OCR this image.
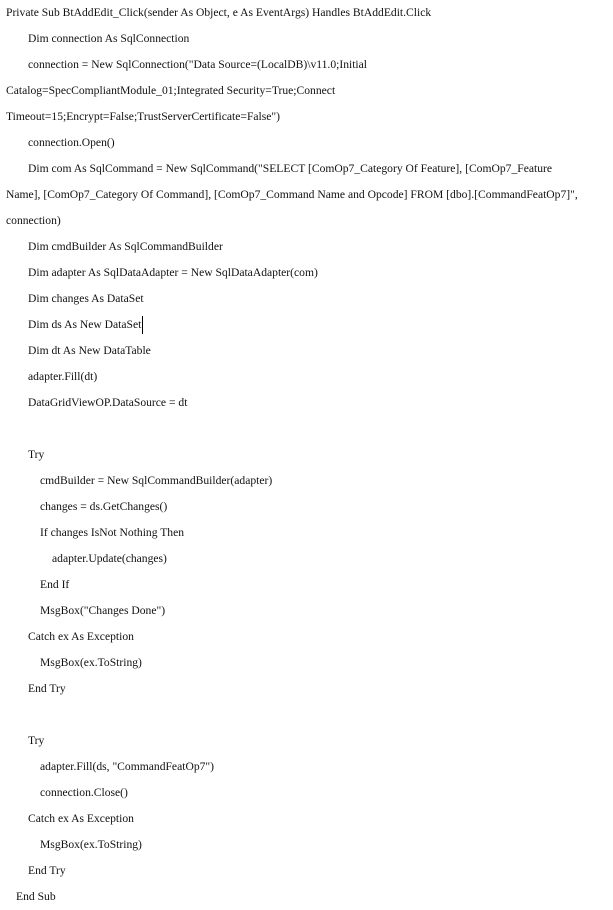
Private Sub BtAddEdit_Click(sender As Object, e As EventArgs) Handles BtAddEdit.Click
Dim connection As SqlConnection
connection = New SqlConnection("Data Source=(LocalDB)\v11.0;Initial
Catalog=SpecCompliantModule_01;Integrated Security=True;Connect
Timeout=15;Encrypt=False;TrustServerCertificate=False")
connection.Open()
Dim com As SqlCommand = New SqlCommand("SELECT [ComOp7_Category Of Feature], [ComOp7_Feature
Name], [ComOp7_Category Of Command], [ComOp7_Command Name and Opcode] FROM [dbo].[CommandFeatOp7]",
connection)
Dim cmdBuilder As SqlCommandBuilder
Dim adapter As SqlDataAdapter = New SqlDataAdapter(com)
Dim changes As DataSet
Dim ds As New DataSet
Dim dt As New DataTable
adapter.Fill(dt)
DataGridViewOP.DataSource = dt
Try
cmdBuilder = New SqlCommandBuilder(adapter)
changes = ds.GetChanges()
If changes IsNot Nothing Then
adapter.Update(changes)
End If
MsgBox("Changes Done")
Catch ex As Exception
MsgBox(ex.ToString)
End Try
Try
adapter.Fill(ds, "CommandFeatOp7")
connection.Close()
Catch ex As Exception
MsgBox(ex.ToString)
End Try
End Sub
